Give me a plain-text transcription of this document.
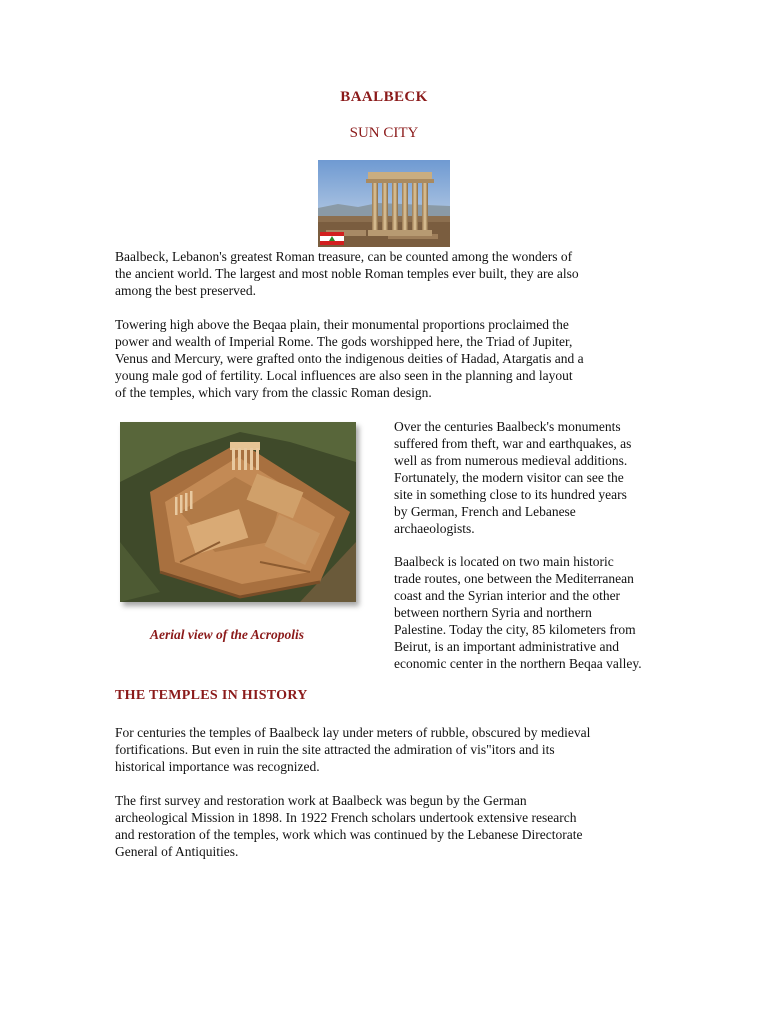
BAALBECK
SUN CITY

Baalbeck, Lebanon's greatest Roman treasure, can be counted among the wonders of
the ancient world. The largest and most noble Roman temples ever built, they are also
among the best preserved.

Towering high above the Beqaa plain, their monumental proportions proclaimed the
power and wealth of Imperial Rome. The gods worshipped here, the Triad of Jupiter,
Venus and Mercury, were grafted onto the indigenous deities of Hadad, Atargatis and a
young male god of fertility. Local influences are also seen in the planning and layout
of the temples, which vary from the classic Roman design.

Over the centuries Baalbeck's monuments
suffered from theft, war and earthquakes, as
well as from numerous medieval additions.
Fortunately, the modern visitor can see the
site in something close to its hundred years
by German, French and Lebanese
archaeologists.

Baalbeck is located on two main historic
trade routes, one between the Mediterranean
coast and the Syrian interior and the other
between northern Syria and northern
Palestine. Today the city, 85 kilometers from
Beirut, is an important administrative and
economic center in the northern Beqaa valley.

Aerial view of the Acropolis
THE TEMPLES IN HISTORY

For centuries the temples of Baalbeck lay under meters of rubble, obscured by medieval
fortifications. But even in ruin the site attracted the admiration of vis"itors and its
historical importance was recognized.

The first survey and restoration work at Baalbeck was begun by the German
archeological Mission in 1898. In 1922 French scholars undertook extensive research
and restoration of the temples, work which was continued by the Lebanese Directorate
General of Antiquities.
